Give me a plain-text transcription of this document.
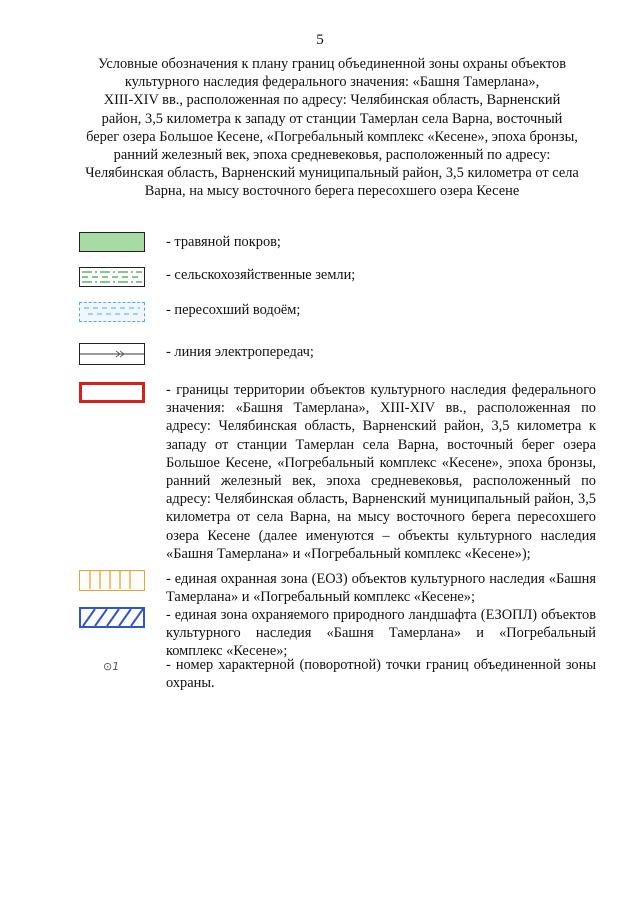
5
Условные обозначения к плану границ объединенной зоны охраны объектов
культурного наследия федерального значения: «Башня Тамерлана»,
XIII-XIV вв., расположенная по адресу: Челябинская область, Варненский
район, 3,5 километра к западу от станции Тамерлан села Варна, восточный
берег озера Большое Кесене, «Погребальный комплекс «Кесене», эпоха бронзы,
ранний железный век, эпоха средневековья, расположенный по адресу:
Челябинская область, Варненский муниципальный район, 3,5 километра от села
Варна, на мысу восточного берега пересохшего озера Кесене
- травяной покров;
- сельскохозяйственные земли;
- пересохший водоём;
- линия электропередач;
- границы территории объектов культурного наследия федерального значения: «Башня Тамерлана», XIII-XIV вв., расположенная по адресу: Челябинская область, Варненский район, 3,5 километра к западу от станции Тамерлан села Варна, восточный берег озера Большое Кесене, «Погребальный комплекс «Кесене», эпоха бронзы, ранний железный век, эпоха средневековья, расположенный по адресу: Челябинская область, Варненский муниципальный район, 3,5 километра от села Варна, на мысу восточного берега пересохшего озера Кесене (далее именуются – объекты культурного наследия «Башня Тамерлана» и «Погребальный комплекс «Кесене»);
- единая охранная зона (ЕОЗ) объектов культурного наследия «Башня Тамерлана» и «Погребальный комплекс «Кесене»;
- единая зона охраняемого природного ландшафта (ЕЗОПЛ) объектов культурного наследия «Башня Тамерлана» и «Погребальный комплекс «Кесене»;
⊙1	- номер характерной (поворотной) точки границ объединенной зоны охраны.
